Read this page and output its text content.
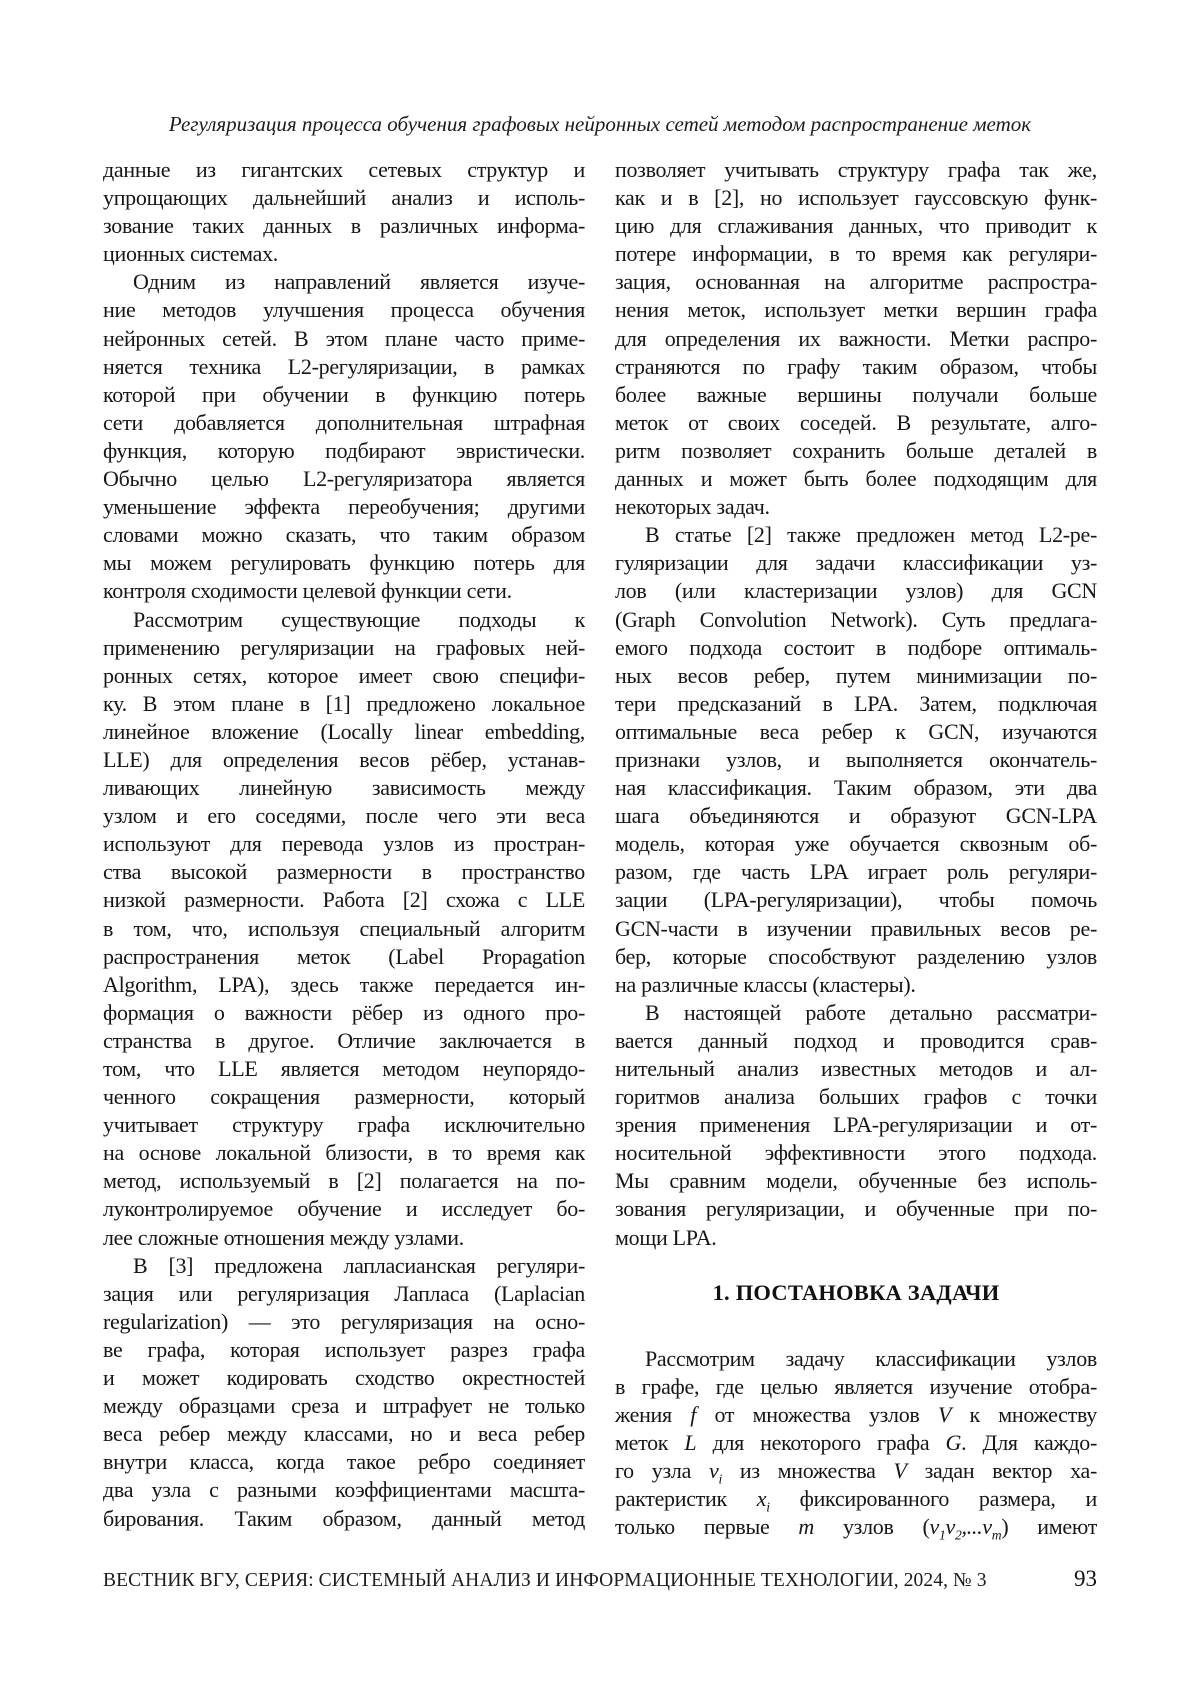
Регуляризация процесса обучения графовых нейронных сетей методом распространение меток
данные из гигантских сетевых структур и
упрощающих дальнейший анализ и исполь-
зование таких данных в различных информа-
ционных системах.
Одним из направлений является изуче-
ние методов улучшения процесса обучения
нейронных сетей. В этом плане часто приме-
няется техника L2-регуляризации, в рамках
которой при обучении в функцию потерь
сети добавляется дополнительная штрафная
функция, которую подбирают эвристически.
Обычно целью L2-регуляризатора является
уменьшение эффекта переобучения; другими
словами можно сказать, что таким образом
мы можем регулировать функцию потерь для
контроля сходимости целевой функции сети.
Рассмотрим существующие подходы к
применению регуляризации на графовых ней-
ронных сетях, которое имеет свою специфи-
ку. В этом плане в [1] предложено локальное
линейное вложение (Locally linear embedding,
LLE) для определения весов рёбер, устанав-
ливающих линейную зависимость между
узлом и его соседями, после чего эти веса
используют для перевода узлов из простран-
ства высокой размерности в пространство
низкой размерности. Работа [2] схожа с LLE
в том, что, используя специальный алгоритм
распространения меток (Label Propagation
Algorithm, LPA), здесь также передается ин-
формация о важности рёбер из одного про-
странства в другое. Отличие заключается в
том, что LLE является методом неупорядо-
ченного сокращения размерности, который
учитывает структуру графа исключительно
на основе локальной близости, в то время как
метод, используемый в [2] полагается на по-
луконтролируемое обучение и исследует бо-
лее сложные отношения между узлами.
В [3] предложена лапласианская регуляри-
зация или регуляризация Лапласа (Laplacian
regularization) — это регуляризация на осно-
ве графа, которая использует разрез графа
и может кодировать сходство окрестностей
между образцами среза и штрафует не только
веса ребер между классами, но и веса ребер
внутри класса, когда такое ребро соединяет
два узла с разными коэффициентами масшта-
бирования. Таким образом, данный метод
позволяет учитывать структуру графа так же,
как и в [2], но использует гауссовскую функ-
цию для сглаживания данных, что приводит к
потере информации, в то время как регуляри-
зация, основанная на алгоритме распростра-
нения меток, использует метки вершин графа
для определения их важности. Метки распро-
страняются по графу таким образом, чтобы
более важные вершины получали больше
меток от своих соседей. В результате, алго-
ритм позволяет сохранить больше деталей в
данных и может быть более подходящим для
некоторых задач.
В статье [2] также предложен метод L2-ре-
гуляризации для задачи классификации уз-
лов (или кластеризации узлов) для GCN
(Graph Convolution Network). Суть предлага-
емого подхода состоит в подборе оптималь-
ных весов ребер, путем минимизации по-
тери предсказаний в LPA. Затем, подключая
оптимальные веса ребер к GCN, изучаются
признаки узлов, и выполняется окончатель-
ная классификация. Таким образом, эти два
шага объединяются и образуют GCN-LPA
модель, которая уже обучается сквозным об-
разом, где часть LPA играет роль регуляри-
зации (LPA-регуляризации), чтобы помочь
GCN-части в изучении правильных весов ре-
бер, которые способствуют разделению узлов
на различные классы (кластеры).
В настоящей работе детально рассматри-
вается данный подход и проводится срав-
нительный анализ известных методов и ал-
горитмов анализа больших графов с точки
зрения применения LPA-регуляризации и от-
носительной эффективности этого подхода.
Мы сравним модели, обученные без исполь-
зования регуляризации, и обученные при по-
мощи LPA.
1. ПОСТАНОВКА ЗАДАЧИ
Рассмотрим задачу классификации узлов
в графе, где целью является изучение отобра-
жения f от множества узлов V к множеству
меток L для некоторого графа G. Для каждо-
го узла $v_i$ из множества V задан вектор ха-
рактеристик $x_i$ фиксированного размера, и
только первые m узлов $(v_1v_2,...v_m)$ имеют
ВЕСТНИК ВГУ, СЕРИЯ: СИСТЕМНЫЙ АНАЛИЗ И ИНФОРМАЦИОННЫЕ ТЕХНОЛОГИИ, 2024, № 3	93
